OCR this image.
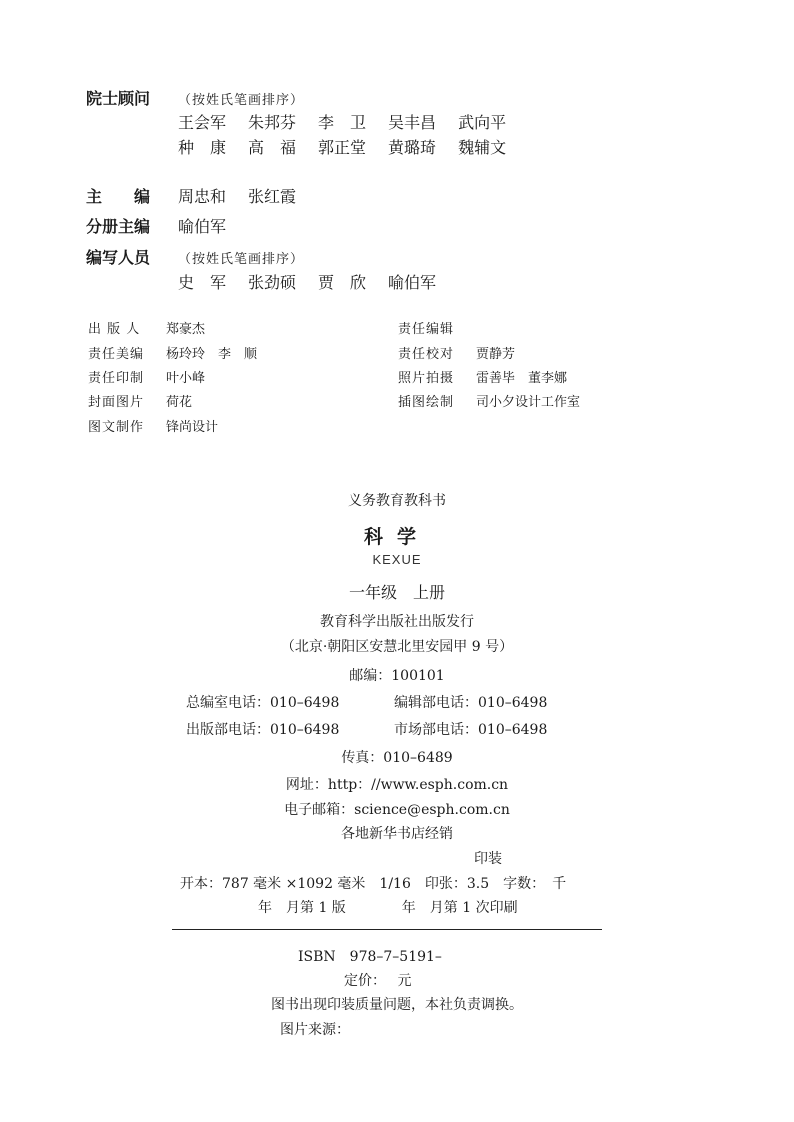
院士顾问 （按姓氏笔画排序）
王会军 朱邦芬 李　卫 吴丰昌 武向平
种　康 高　福 郭正堂 黄璐琦 魏辅文
主　　编 周忠和 张红霞
分册主编 喻伯军
编写人员 （按姓氏笔画排序）
史　军 张劲硕 贾　欣 喻伯军
出 版 人 郑豪杰
责任美编 杨玲玲　李　顺
责任印制 叶小峰
封面图片 荷花
图文制作 锋尚设计
责任编辑
责任校对 贾静芳
照片拍摄 雷善毕　董李娜
插图绘制 司小夕设计工作室
义务教育教科书
科学
KEXUE
一年级　上册
教育科学出版社出版发行
（北京·朝阳区安慧北里安园甲 9 号）
邮编：100101
总编室电话：010–6498	编辑部电话：010–6498
出版部电话：010–6498	市场部电话：010–6498
传真：010–6489
网址：http：//www.esph.com.cn
电子邮箱：science@esph.com.cn
各地新华书店经销
印装
开本：787 毫米 ×1092 毫米　1/16　印张：3.5　字数：　千
年　月第 1 版　　　　年　月第 1 次印刷
ISBN　978–7–5191–
定价：　 元
图书出现印装质量问题，本社负责调换。
图片来源：
